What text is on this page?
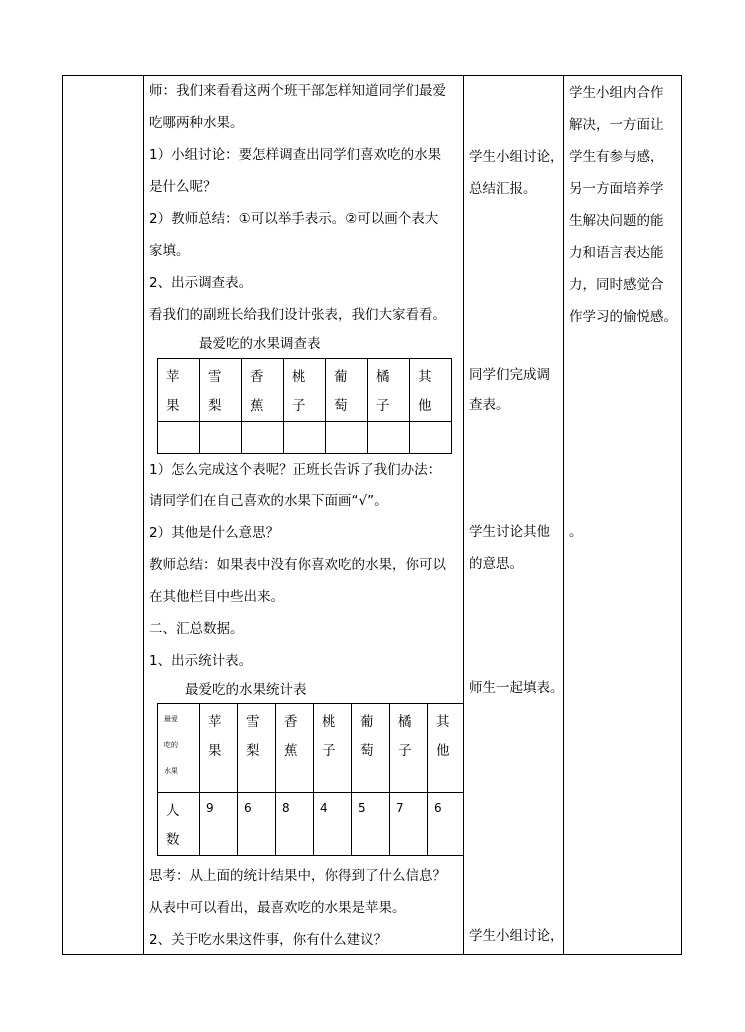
师：我们来看看这两个班干部怎样知道同学们最爱
吃哪两种水果。
1）小组讨论：要怎样调查出同学们喜欢吃的水果
是什么呢？
2）教师总结：①可以举手表示。②可以画个表大
家填。
2、出示调查表。
看我们的副班长给我们设计张表，我们大家看看。
最爱吃的水果调查表
苹果	雪梨	香蕉	桃子	葡萄	橘子	其他

1）怎么完成这个表呢？正班长告诉了我们办法：
请同学们在自己喜欢的水果下面画“√”。
2）其他是什么意思？
教师总结：如果表中没有你喜欢吃的水果，你可以
在其他栏目中些出来。
二、汇总数据。
1、出示统计表。
最爱吃的水果统计表
最爱吃的水果	苹果	雪梨	香蕉	桃子	葡萄	橘子	其他

人数	9	6	8	4	5	7	6
思考：从上面的统计结果中，你得到了什么信息？
从表中可以看出，最喜欢吃的水果是苹果。
2、关于吃水果这件事，你有什么建议？
学生小组讨论，
总结汇报。
同学们完成调
查表。
学生讨论其他
的意思。
师生一起填表。
学生小组讨论，
学生小组内合作
解决，一方面让
学生有参与感，
另一方面培养学
生解决问题的能
力和语言表达能
力，同时感觉合
作学习的愉悦感。
。
